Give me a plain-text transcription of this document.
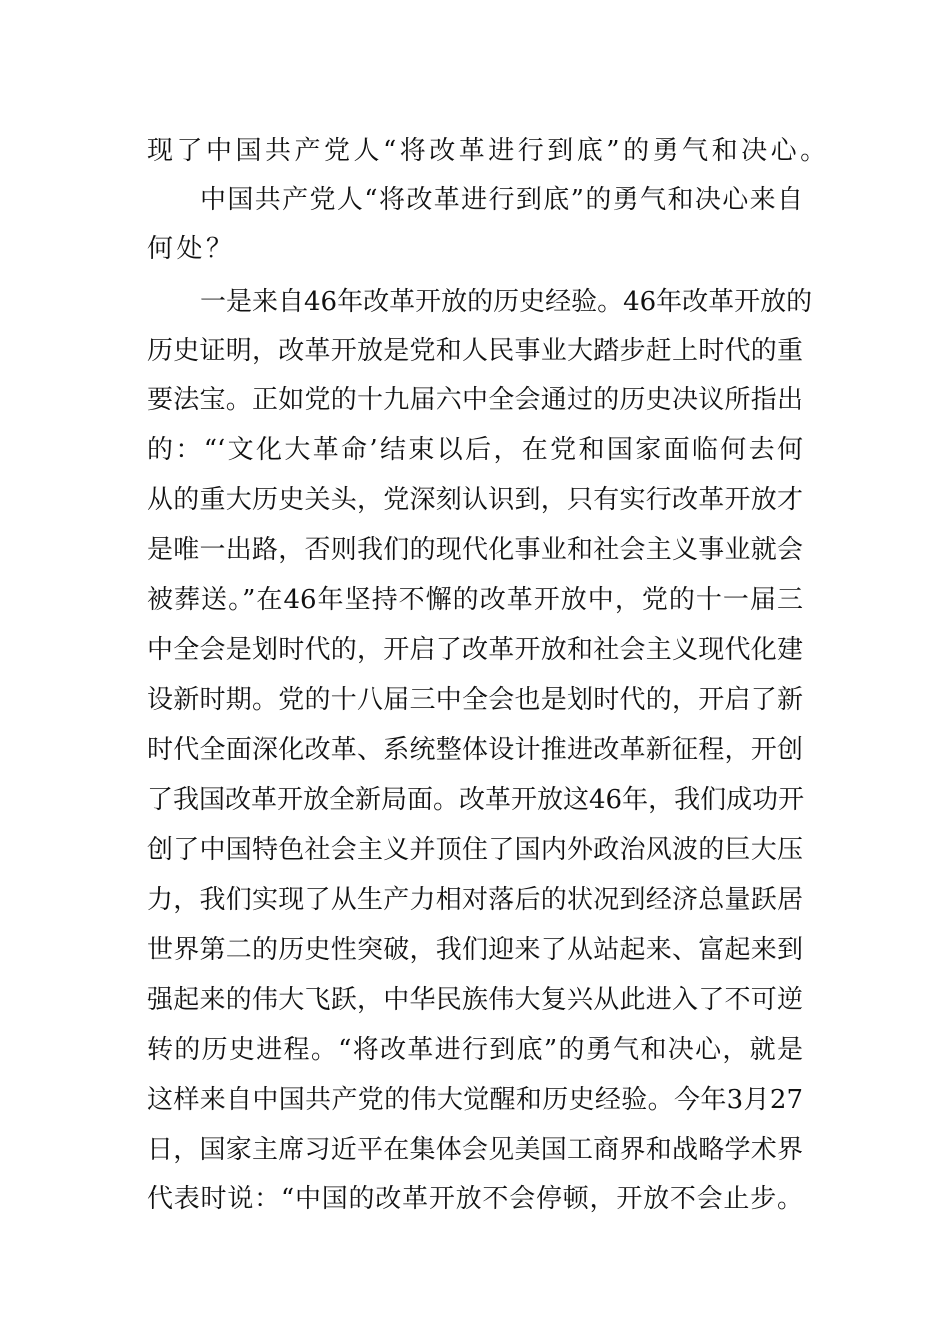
现了中国共产党人“将改革进行到底”的勇气和决心。
中国共产党人“将改革进行到底”的勇气和决心来自
何处？
一是来自46年改革开放的历史经验。46年改革开放的
历史证明，改革开放是党和人民事业大踏步赶上时代的重
要法宝。正如党的十九届六中全会通过的历史决议所指出
的：“‘文化大革命’结束以后，在党和国家面临何去何
从的重大历史关头，党深刻认识到，只有实行改革开放才
是唯一出路，否则我们的现代化事业和社会主义事业就会
被葬送。”在46年坚持不懈的改革开放中，党的十一届三
中全会是划时代的，开启了改革开放和社会主义现代化建
设新时期。党的十八届三中全会也是划时代的，开启了新
时代全面深化改革、系统整体设计推进改革新征程，开创
了我国改革开放全新局面。改革开放这46年，我们成功开
创了中国特色社会主义并顶住了国内外政治风波的巨大压
力，我们实现了从生产力相对落后的状况到经济总量跃居
世界第二的历史性突破，我们迎来了从站起来、富起来到
强起来的伟大飞跃，中华民族伟大复兴从此进入了不可逆
转的历史进程。“将改革进行到底”的勇气和决心，就是
这样来自中国共产党的伟大觉醒和历史经验。今年3月27
日，国家主席习近平在集体会见美国工商界和战略学术界
代表时说：“中国的改革开放不会停顿，开放不会止步。
